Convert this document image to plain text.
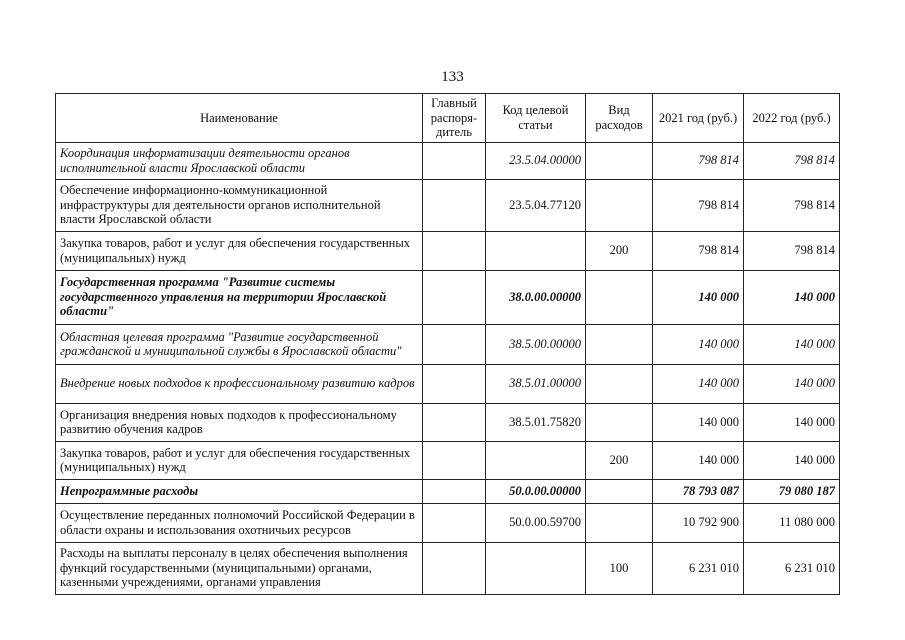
133
Наименование	Главный распоря-дитель	Код целевой статьи	Вид расходов	2021 год (руб.)	2022 год (руб.)
Координация информатизации деятельности органов исполнительной власти Ярославской области		23.5.04.00000		798 814	798 814
Обеспечение информационно-коммуникационной инфраструктуры для деятельности органов исполнительной власти Ярославской области		23.5.04.77120		798 814	798 814
Закупка товаров, работ и услуг для обеспечения государственных (муниципальных) нужд			200	798 814	798 814
Государственная программа "Развитие системы государственного управления на территории Ярославской области"		38.0.00.00000		140 000	140 000
Областная целевая программа "Развитие государственной гражданской и муниципальной службы в Ярославской области"		38.5.00.00000		140 000	140 000
Внедрение новых подходов к профессиональному развитию кадров		38.5.01.00000		140 000	140 000
Организация внедрения новых подходов к профессиональному развитию обучения кадров		38.5.01.75820		140 000	140 000
Закупка товаров, работ и услуг для обеспечения государственных (муниципальных) нужд			200	140 000	140 000
Непрограммные расходы		50.0.00.00000		78 793 087	79 080 187
Осуществление переданных полномочий Российской Федерации в области охраны и использования охотничьих ресурсов		50.0.00.59700		10 792 900	11 080 000
Расходы на выплаты персоналу в целях обеспечения выполнения функций государственными (муниципальными) органами, казенными учреждениями, органами управления			100	6 231 010	6 231 010
